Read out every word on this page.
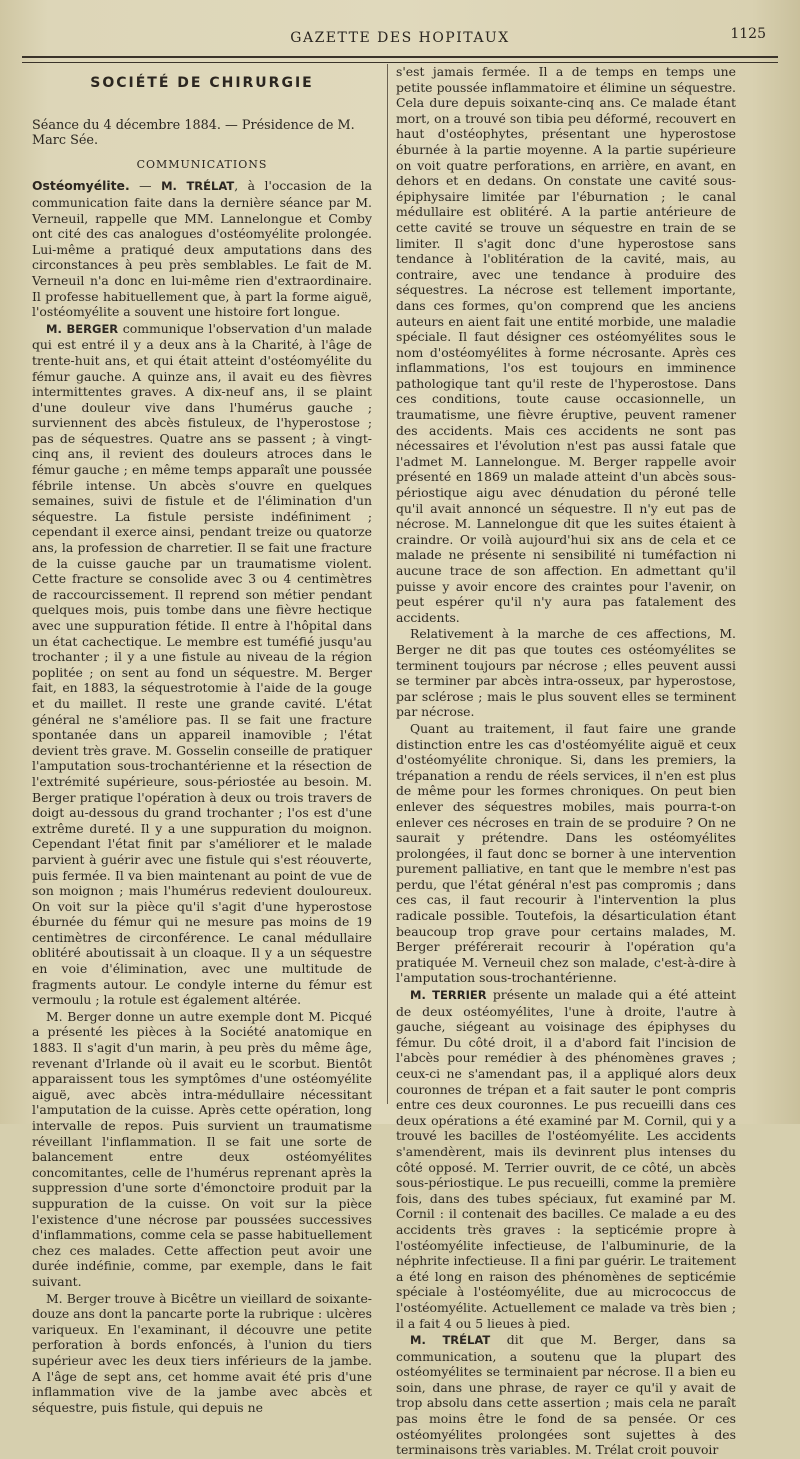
GAZETTE DES HOPITAUX	1125
SOCIÉTÉ DE CHIRURGIE
Séance du 4 décembre 1884. — Présidence de M. Marc Sée.
COMMUNICATIONS

Ostéomyélite. — M. TRÉLAT, à l'occasion de la communication faite dans la dernière séance par M. Verneuil, rappelle que MM. Lannelongue et Comby ont cité des cas analogues d'ostéomyélite prolongée. Lui-même a pratiqué deux amputations dans des circonstances à peu près semblables. Le fait de M. Verneuil n'a donc en lui-même rien d'extraordinaire. Il professe habituellement que, à part la forme aiguë, l'ostéomyélite a souvent une histoire fort longue.

M. BERGER communique l'observation d'un malade qui est entré il y a deux ans à la Charité, à l'âge de trente-huit ans, et qui était atteint d'ostéomyélite du fémur gauche. A quinze ans, il avait eu des fièvres intermittentes graves. A dix-neuf ans, il se plaint d'une douleur vive dans l'humérus gauche ; surviennent des abcès fistuleux, de l'hyperostose ; pas de séquestres. Quatre ans se passent ; à vingt-cinq ans, il revient des douleurs atroces dans le fémur gauche ; en même temps apparaît une poussée fébrile intense. Un abcès s'ouvre en quelques semaines, suivi de fistule et de l'élimination d'un séquestre. La fistule persiste indéfiniment ; cependant il exerce ainsi, pendant treize ou quatorze ans, la profession de charretier. Il se fait une fracture de la cuisse gauche par un traumatisme violent. Cette fracture se consolide avec 3 ou 4 centimètres de raccourcissement. Il reprend son métier pendant quelques mois, puis tombe dans une fièvre hectique avec une suppuration fétide. Il entre à l'hôpital dans un état cachectique. Le membre est tuméfié jusqu'au trochanter ; il y a une fistule au niveau de la région poplitée ; on sent au fond un séquestre. M. Berger fait, en 1883, la séquestrotomie à l'aide de la gouge et du maillet. Il reste une grande cavité. L'état général ne s'améliore pas. Il se fait une fracture spontanée dans un appareil inamovible ; l'état devient très grave. M. Gosselin conseille de pratiquer l'amputation sous-trochantérienne et la résection de l'extrémité supérieure, sous-périostée au besoin. M. Berger pratique l'opération à deux ou trois travers de doigt au-dessous du grand trochanter ; l'os est d'une extrême dureté. Il y a une suppuration du moignon. Cependant l'état finit par s'améliorer et le malade parvient à guérir avec une fistule qui s'est réouverte, puis fermée. Il va bien maintenant au point de vue de son moignon ; mais l'humérus redevient douloureux. On voit sur la pièce qu'il s'agit d'une hyperostose éburnée du fémur qui ne mesure pas moins de 19 centimètres de circonférence. Le canal médullaire oblitéré aboutissait à un cloaque. Il y a un séquestre en voie d'élimination, avec une multitude de fragments autour. Le condyle interne du fémur est vermoulu ; la rotule est également altérée.

M. Berger donne un autre exemple dont M. Picqué a présenté les pièces à la Société anatomique en 1883. Il s'agit d'un marin, à peu près du même âge, revenant d'Irlande où il avait eu le scorbut. Bientôt apparaissent tous les symptômes d'une ostéomyélite aiguë, avec abcès intra-médullaire nécessitant l'amputation de la cuisse. Après cette opération, long intervalle de repos. Puis survient un traumatisme réveillant l'inflammation. Il se fait une sorte de balancement entre deux ostéomyélites concomitantes, celle de l'humérus reprenant après la suppression d'une sorte d'émonctoire produit par la suppuration de la cuisse. On voit sur la pièce l'existence d'une nécrose par poussées successives d'inflammations, comme cela se passe habituellement chez ces malades. Cette affection peut avoir une durée indéfinie, comme, par exemple, dans le fait suivant.

M. Berger trouve à Bicêtre un vieillard de soixante-douze ans dont la pancarte porte la rubrique : ulcères variqueux. En l'examinant, il découvre une petite perforation à bords enfoncés, à l'union du tiers supérieur avec les deux tiers inférieurs de la jambe. A l'âge de sept ans, cet homme avait été pris d'une inflammation vive de la jambe avec abcès et séquestre, puis fistule, qui depuis ne

s'est jamais fermée. Il a de temps en temps une petite poussée inflammatoire et élimine un séquestre. Cela dure depuis soixante-cinq ans. Ce malade étant mort, on a trouvé son tibia peu déformé, recouvert en haut d'ostéophytes, présentant une hyperostose éburnée à la partie moyenne. A la partie supérieure on voit quatre perforations, en arrière, en avant, en dehors et en dedans. On constate une cavité sous-épiphysaire limitée par l'éburnation ; le canal médullaire est oblitéré. A la partie antérieure de cette cavité se trouve un séquestre en train de se limiter. Il s'agit donc d'une hyperostose sans tendance à l'oblitération de la cavité, mais, au contraire, avec une tendance à produire des séquestres. La nécrose est tellement importante, dans ces formes, qu'on comprend que les anciens auteurs en aient fait une entité morbide, une maladie spéciale. Il faut désigner ces ostéomyélites sous le nom d'ostéomyélites à forme nécrosante. Après ces inflammations, l'os est toujours en imminence pathologique tant qu'il reste de l'hyperostose. Dans ces conditions, toute cause occasionnelle, un traumatisme, une fièvre éruptive, peuvent ramener des accidents. Mais ces accidents ne sont pas nécessaires et l'évolution n'est pas aussi fatale que l'admet M. Lannelongue. M. Berger rappelle avoir présenté en 1869 un malade atteint d'un abcès sous-périostique aigu avec dénudation du péroné telle qu'il avait annoncé un séquestre. Il n'y eut pas de nécrose. M. Lannelongue dit que les suites étaient à craindre. Or voilà aujourd'hui six ans de cela et ce malade ne présente ni sensibilité ni tuméfaction ni aucune trace de son affection. En admettant qu'il puisse y avoir encore des craintes pour l'avenir, on peut espérer qu'il n'y aura pas fatalement des accidents.

Relativement à la marche de ces affections, M. Berger ne dit pas que toutes ces ostéomyélites se terminent toujours par nécrose ; elles peuvent aussi se terminer par abcès intra-osseux, par hyperostose, par sclérose ; mais le plus souvent elles se terminent par nécrose.

Quant au traitement, il faut faire une grande distinction entre les cas d'ostéomyélite aiguë et ceux d'ostéomyélite chronique. Si, dans les premiers, la trépanation a rendu de réels services, il n'en est plus de même pour les formes chroniques. On peut bien enlever des séquestres mobiles, mais pourra-t-on enlever ces nécroses en train de se produire ? On ne saurait y prétendre. Dans les ostéomyélites prolongées, il faut donc se borner à une intervention purement palliative, en tant que le membre n'est pas perdu, que l'état général n'est pas compromis ; dans ces cas, il faut recourir à l'intervention la plus radicale possible. Toutefois, la désarticulation étant beaucoup trop grave pour certains malades, M. Berger préférerait recourir à l'opération qu'a pratiquée M. Verneuil chez son malade, c'est-à-dire à l'amputation sous-trochantérienne.

M. TERRIER présente un malade qui a été atteint de deux ostéomyélites, l'une à droite, l'autre à gauche, siégeant au voisinage des épiphyses du fémur. Du côté droit, il a d'abord fait l'incision de l'abcès pour remédier à des phénomènes graves ; ceux-ci ne s'amendant pas, il a appliqué alors deux couronnes de trépan et a fait sauter le pont compris entre ces deux couronnes. Le pus recueilli dans ces deux opérations a été examiné par M. Cornil, qui y a trouvé les bacilles de l'ostéomyélite. Les accidents s'amendèrent, mais ils devinrent plus intenses du côté opposé. M. Terrier ouvrit, de ce côté, un abcès sous-périostique. Le pus recueilli, comme la première fois, dans des tubes spéciaux, fut examiné par M. Cornil : il contenait des bacilles. Ce malade a eu des accidents très graves : la septicémie propre à l'ostéomyélite infectieuse, de l'albuminurie, de la néphrite infectieuse. Il a fini par guérir. Le traitement a été long en raison des phénomènes de septicémie spéciale à l'ostéomyélite, due au micrococcus de l'ostéomyélite. Actuellement ce malade va très bien ; il a fait 4 ou 5 lieues à pied.

M. TRÉLAT dit que M. Berger, dans sa communication, a soutenu que la plupart des ostéomyélites se terminaient par nécrose. Il a bien eu soin, dans une phrase, de rayer ce qu'il y avait de trop absolu dans cette assertion ; mais cela ne paraît pas moins être le fond de sa pensée. Or ces ostéomyélites prolongées sont sujettes à des terminaisons très variables. M. Trélat croit pouvoir
